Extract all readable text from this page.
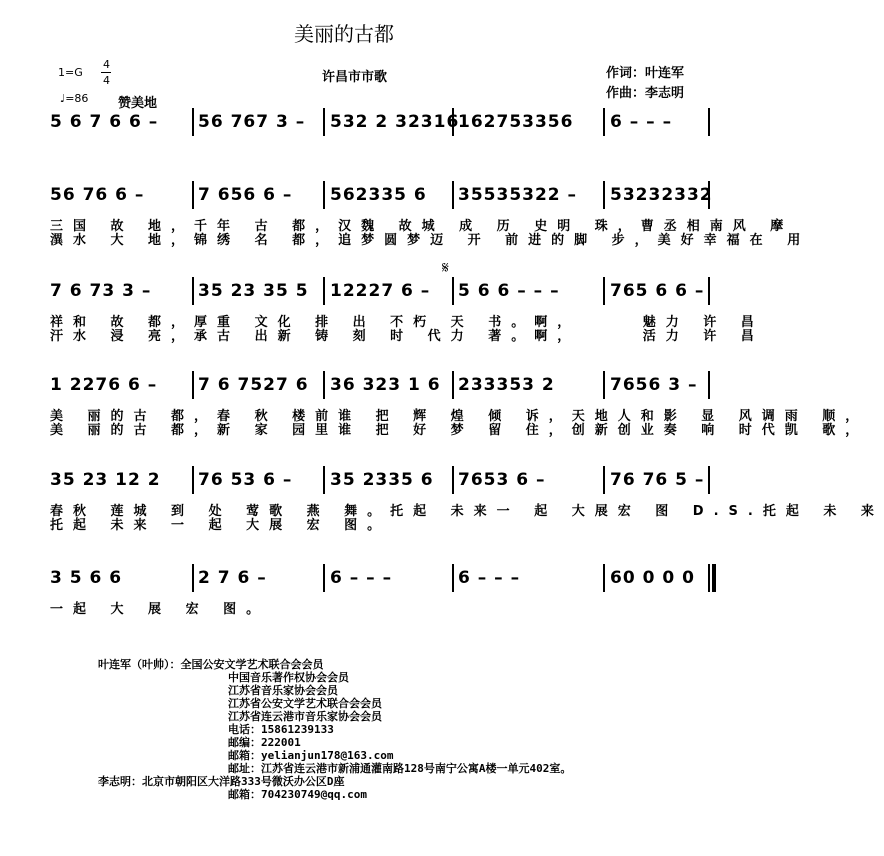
美丽的古都
许昌市市歌
1=G
4
4
♩=86 赞美地
作词：叶连军
作曲：李志明
5 6 7 6 6 – 56 767 3 – 532 2 32316
162753356 6 – – –
56 76 6 –	7 656 6 – 562335 6 35535322 – 53232332
三国 故 地，千年 古 都，汉魏 故城 成 历 史明 珠，曹丞相南风 摩
潩水 大 地，锦绣 名 都，追梦圆梦迈 开 前进的脚 步，美好幸福在 用
7 6 73 3 –	35 23 35 5 12227 6 – 5 6 6 – – –	765 6 6 –
祥和 故 都，厚重 文化 排 出 不朽 天 书。啊，　　　魅力 许 昌
汗水 浸 亮，承古 出新 铸 刻 时 代力 著。啊，　　　活力 许 昌
1 2276 6 – 7 6 7527 6 36 323 1 6 233353 2	7656 3 –
美 丽的古 都，春 秋 楼前谁 把 辉 煌 倾 诉，天地人和影 显 风调雨 顺，
美 丽的古 都，新 家 园里谁 把 好 梦 留 住，创新创业奏 响 时代凯 歌，
35 23 12 2 76 53 6 – 35 2335 6 7653 6 –	76 76 5 –
春秋 莲城 到 处 莺歌 燕 舞。托起 未来一 起 大展宏 图 D.S.托起 未 来
托起 未来 一 起 大展 宏 图。
3 5 6 6	2 7 6 –	6 – – –	6 – – –	60 0 0 0
一起 大 展 宏 图。
𝄋
叶连军（叶帅）：全国公安文学艺术联合会会员
中国音乐著作权协会会员
江苏省音乐家协会会员
江苏省公安文学艺术联合会会员
江苏省连云港市音乐家协会会员
电话：15861239133
邮编：222001
邮箱：yelianjun178@163.com
邮址：江苏省连云港市新浦通灌南路128号南宁公寓A楼一单元402室。
李志明：北京市朝阳区大洋路333号微沃办公区D座
邮箱：704230749@qq.com
